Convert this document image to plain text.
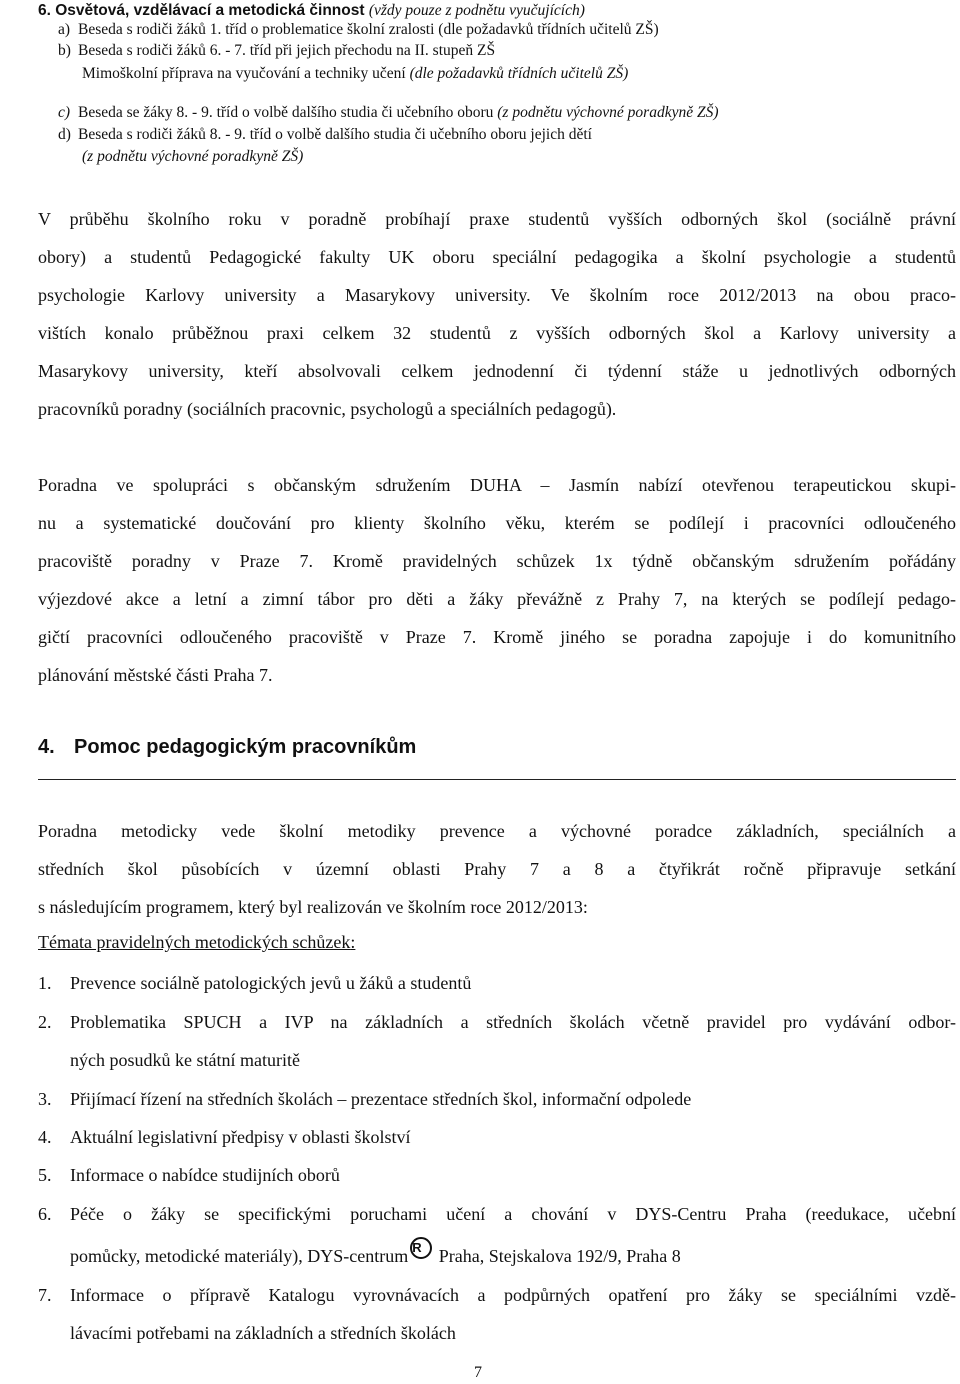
6. Osvětová, vzdělávací a metodická činnost (vždy pouze z podnětu vyučujících)
a) Beseda s rodiči žáků 1. tříd o problematice školní zralosti (dle požadavků třídních učitelů ZŠ)
b) Beseda s rodiči žáků 6. - 7. tříd při jejich přechodu na II. stupeň ZŠ
Mimoškolní příprava na vyučování a techniky učení (dle požadavků třídních učitelů ZŠ)
c) Beseda se žáky 8. - 9. tříd o volbě dalšího studia či učebního oboru (z podnětu výchovné poradkyně ZŠ)
d) Beseda s rodiči žáků 8. - 9. tříd o volbě dalšího studia či učebního oboru jejich dětí
(z podnětu výchovné poradkyně ZŠ)
V průběhu školního roku v poradně probíhají praxe studentů vyšších odborných škol (sociálně právní
obory) a studentů Pedagogické fakulty UK oboru speciální pedagogika a školní psychologie a studentů
psychologie Karlovy university a Masarykovy university. Ve školním roce 2012/2013 na obou praco-
vištích konalo průběžnou praxi celkem 32 studentů z vyšších odborných škol a Karlovy university a
Masarykovy university, kteří absolvovali celkem jednodenní či týdenní stáže u jednotlivých odborných
pracovníků poradny (sociálních pracovnic, psychologů a speciálních pedagogů).
Poradna ve spolupráci s občanským sdružením DUHA – Jasmín nabízí otevřenou terapeutickou skupi-
nu a systematické doučování pro klienty školního věku, kterém se podílejí i pracovníci odloučeného
pracoviště poradny v Praze 7. Kromě pravidelných schůzek 1x týdně občanským sdružením pořádány
výjezdové akce a letní a zimní tábor pro děti a žáky převážně z Prahy 7, na kterých se podílejí pedago-
gičtí pracovníci odloučeného pracoviště v Praze 7. Kromě jiného se poradna zapojuje i do komunitního
plánování městské části Praha 7.
4. Pomoc pedagogickým pracovníkům
Poradna metodicky vede školní metodiky prevence a výchovné poradce základních, speciálních a
středních škol působících v územní oblasti Prahy 7 a 8 a čtyřikrát ročně připravuje setkání
s následujícím programem, který byl realizován ve školním roce 2012/2013:
Témata pravidelných metodických schůzek:
1. Prevence sociálně patologických jevů u žáků a studentů
2. Problematika SPUCH a IVP na základních a středních školách včetně pravidel pro vydávání odbor-
ných posudků ke státní maturitě
3. Přijímací řízení na středních školách – prezentace středních škol, informační odpolede
4. Aktuální legislativní předpisy v oblasti školství
5. Informace o nabídce studijních oborů
6. Péče o žáky se specifickými poruchami učení a chování v DYS-Centru Praha (reedukace, učební
pomůcky, metodické materiály), DYS-centrum R Praha, Stejskalova 192/9, Praha 8
7. Informace o přípravě Katalogu vyrovnávacích a podpůrných opatření pro žáky se speciálními vzdě-
lávacími potřebami na základních a středních školách
7
